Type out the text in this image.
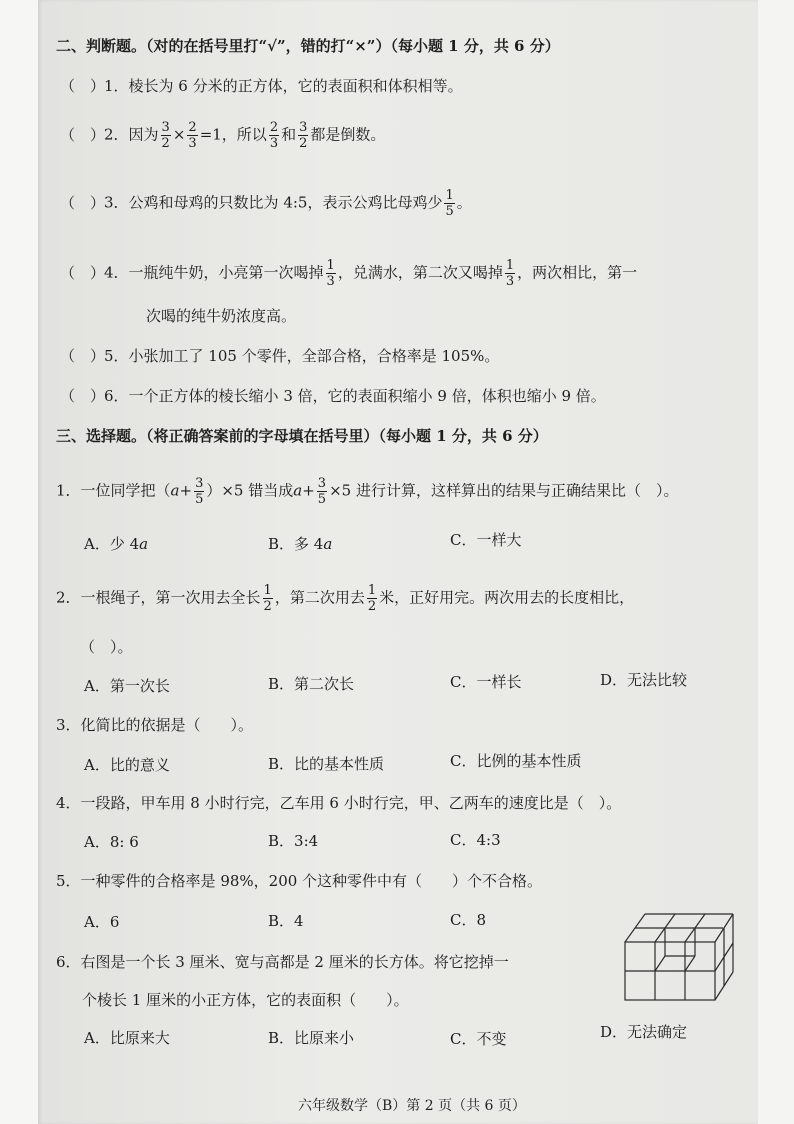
二、判断题。（对的在括号里打“√”，错的打“×”）（每小题 1 分，共 6 分）
（　 ）1．棱长为 6 分米的正方体，它的表面积和体积相等。
（　 ）2．因为 $\frac{3}{2} \times \frac{2}{3} =1$，所以 $\frac{2}{3}$ 和 $\frac{3}{2}$ 都是倒数。
（　 ）3．公鸡和母鸡的只数比为 4:5，表示公鸡比母鸡少 $\frac{1}{5}$ 。
（　 ）4．一瓶纯牛奶，小亮第一次喝掉 $\frac{1}{3}$ ，兑满水，第二次又喝掉 $\frac{1}{3}$ ，两次相比，第一
次喝的纯牛奶浓度高。
（　 ）5．小张加工了 105 个零件，全部合格，合格率是 105%。
（　 ）6．一个正方体的棱长缩小 3 倍，它的表面积缩小 9 倍，体积也缩小 9 倍。
三、选择题。（将正确答案前的字母填在括号里）（每小题 1 分，共 6 分）
1．一位同学把$(a+ \frac{3}{5} )\times 5$ 错当成$a+ \frac{3}{5} \times 5$ 进行计算，这样算出的结果与正确结果比（　）。
A．少 4a	B．多 4a	C．一样大
2．一根绳子，第一次用去全长 $\frac{1}{2}$ ，第二次用去 $\frac{1}{2}$ 米，正好用完。两次用去的长度相比，
（　）。
A．第一次长	B．第二次长	C．一样长	D．无法比较
3．化简比的依据是（　　）。
A．比的意义	B．比的基本性质	C．比例的基本性质
4．一段路，甲车用 8 小时行完，乙车用 6 小时行完，甲、乙两车的速度比是（　）。
A．8: 6	B．3:4	C．4:3
5．一种零件的合格率是 98%，200 个这种零件中有（　　）个不合格。
A．6	B．4	C．8
6．右图是一个长 3 厘米、宽与高都是 2 厘米的长方体。将它挖掉一
个棱长 1 厘米的小正方体，它的表面积（　　）。
A．比原来大	B．比原来小	C．不变	D．无法确定
六年级数学（B）第 2 页（共 6 页）
